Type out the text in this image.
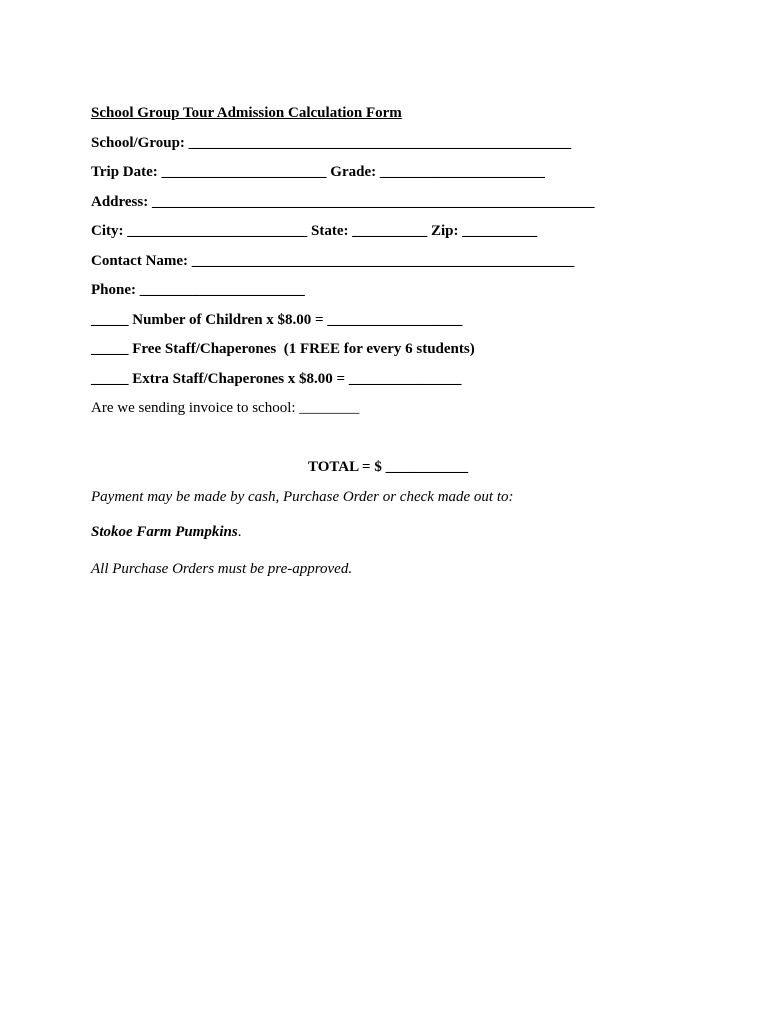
School Group Tour Admission Calculation Form
School/Group: ___________________________________________________
Trip Date: ______________________ Grade: ______________________
Address: ___________________________________________________________
City: ________________________ State: __________ Zip: __________
Contact Name: ___________________________________________________
Phone: ______________________
_____ Number of Children x $8.00 = __________________
_____ Free Staff/Chaperones  (1 FREE for every 6 students)
_____ Extra Staff/Chaperones x $8.00 = _______________
Are we sending invoice to school: ________
TOTAL = $ ___________
Payment may be made by cash, Purchase Order or check made out to:
Stokoe Farm Pumpkins.
All Purchase Orders must be pre-approved.
